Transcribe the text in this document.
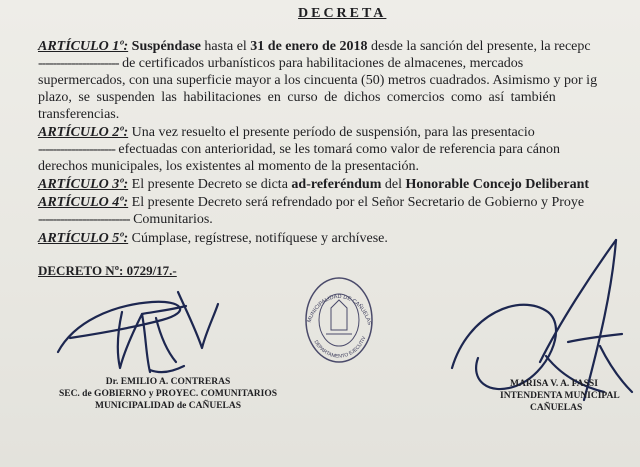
DECRETA
ARTÍCULO 1º: Suspéndase hasta el 31 de enero de 2018 desde la sanción del presente, la recepc
---------------------- de certificados urbanísticos para habilitaciones de almacenes, mercados
supermercados, con una superficie mayor a los cincuenta (50) metros cuadrados. Asimismo y por ig
plazo, se suspenden las habilitaciones en curso de dichos comercios como así también
transferencias.
ARTÍCULO 2º: Una vez resuelto el presente período de suspensión, para las presentacio
--------------------- efectuadas con anterioridad, se les tomará como valor de referencia para cánon
derechos municipales, los existentes al momento de la presentación.
ARTÍCULO 3º: El presente Decreto se dicta ad-referéndum del Honorable Concejo Deliberant
ARTÍCULO 4º: El presente Decreto será refrendado por el Señor Secretario de Gobierno y Proye
------------------------- Comunitarios.
ARTÍCULO 5º: Cúmplase, regístrese, notifíquese y archívese.
DECRETO Nº: 0729/17.-
MUNICIPALIDAD DE CAÑUELAS
DEPARTAMENTO EJECUTIV
Dr. EMILIO A. CONTRERAS
SEC. de GOBIERNO y PROYEC. COMUNITARIOS
MUNICIPALIDAD de CAÑUELAS
MARISA V. A. FASSI
INTENDENTA MUNICIPAL
CAÑUELAS
